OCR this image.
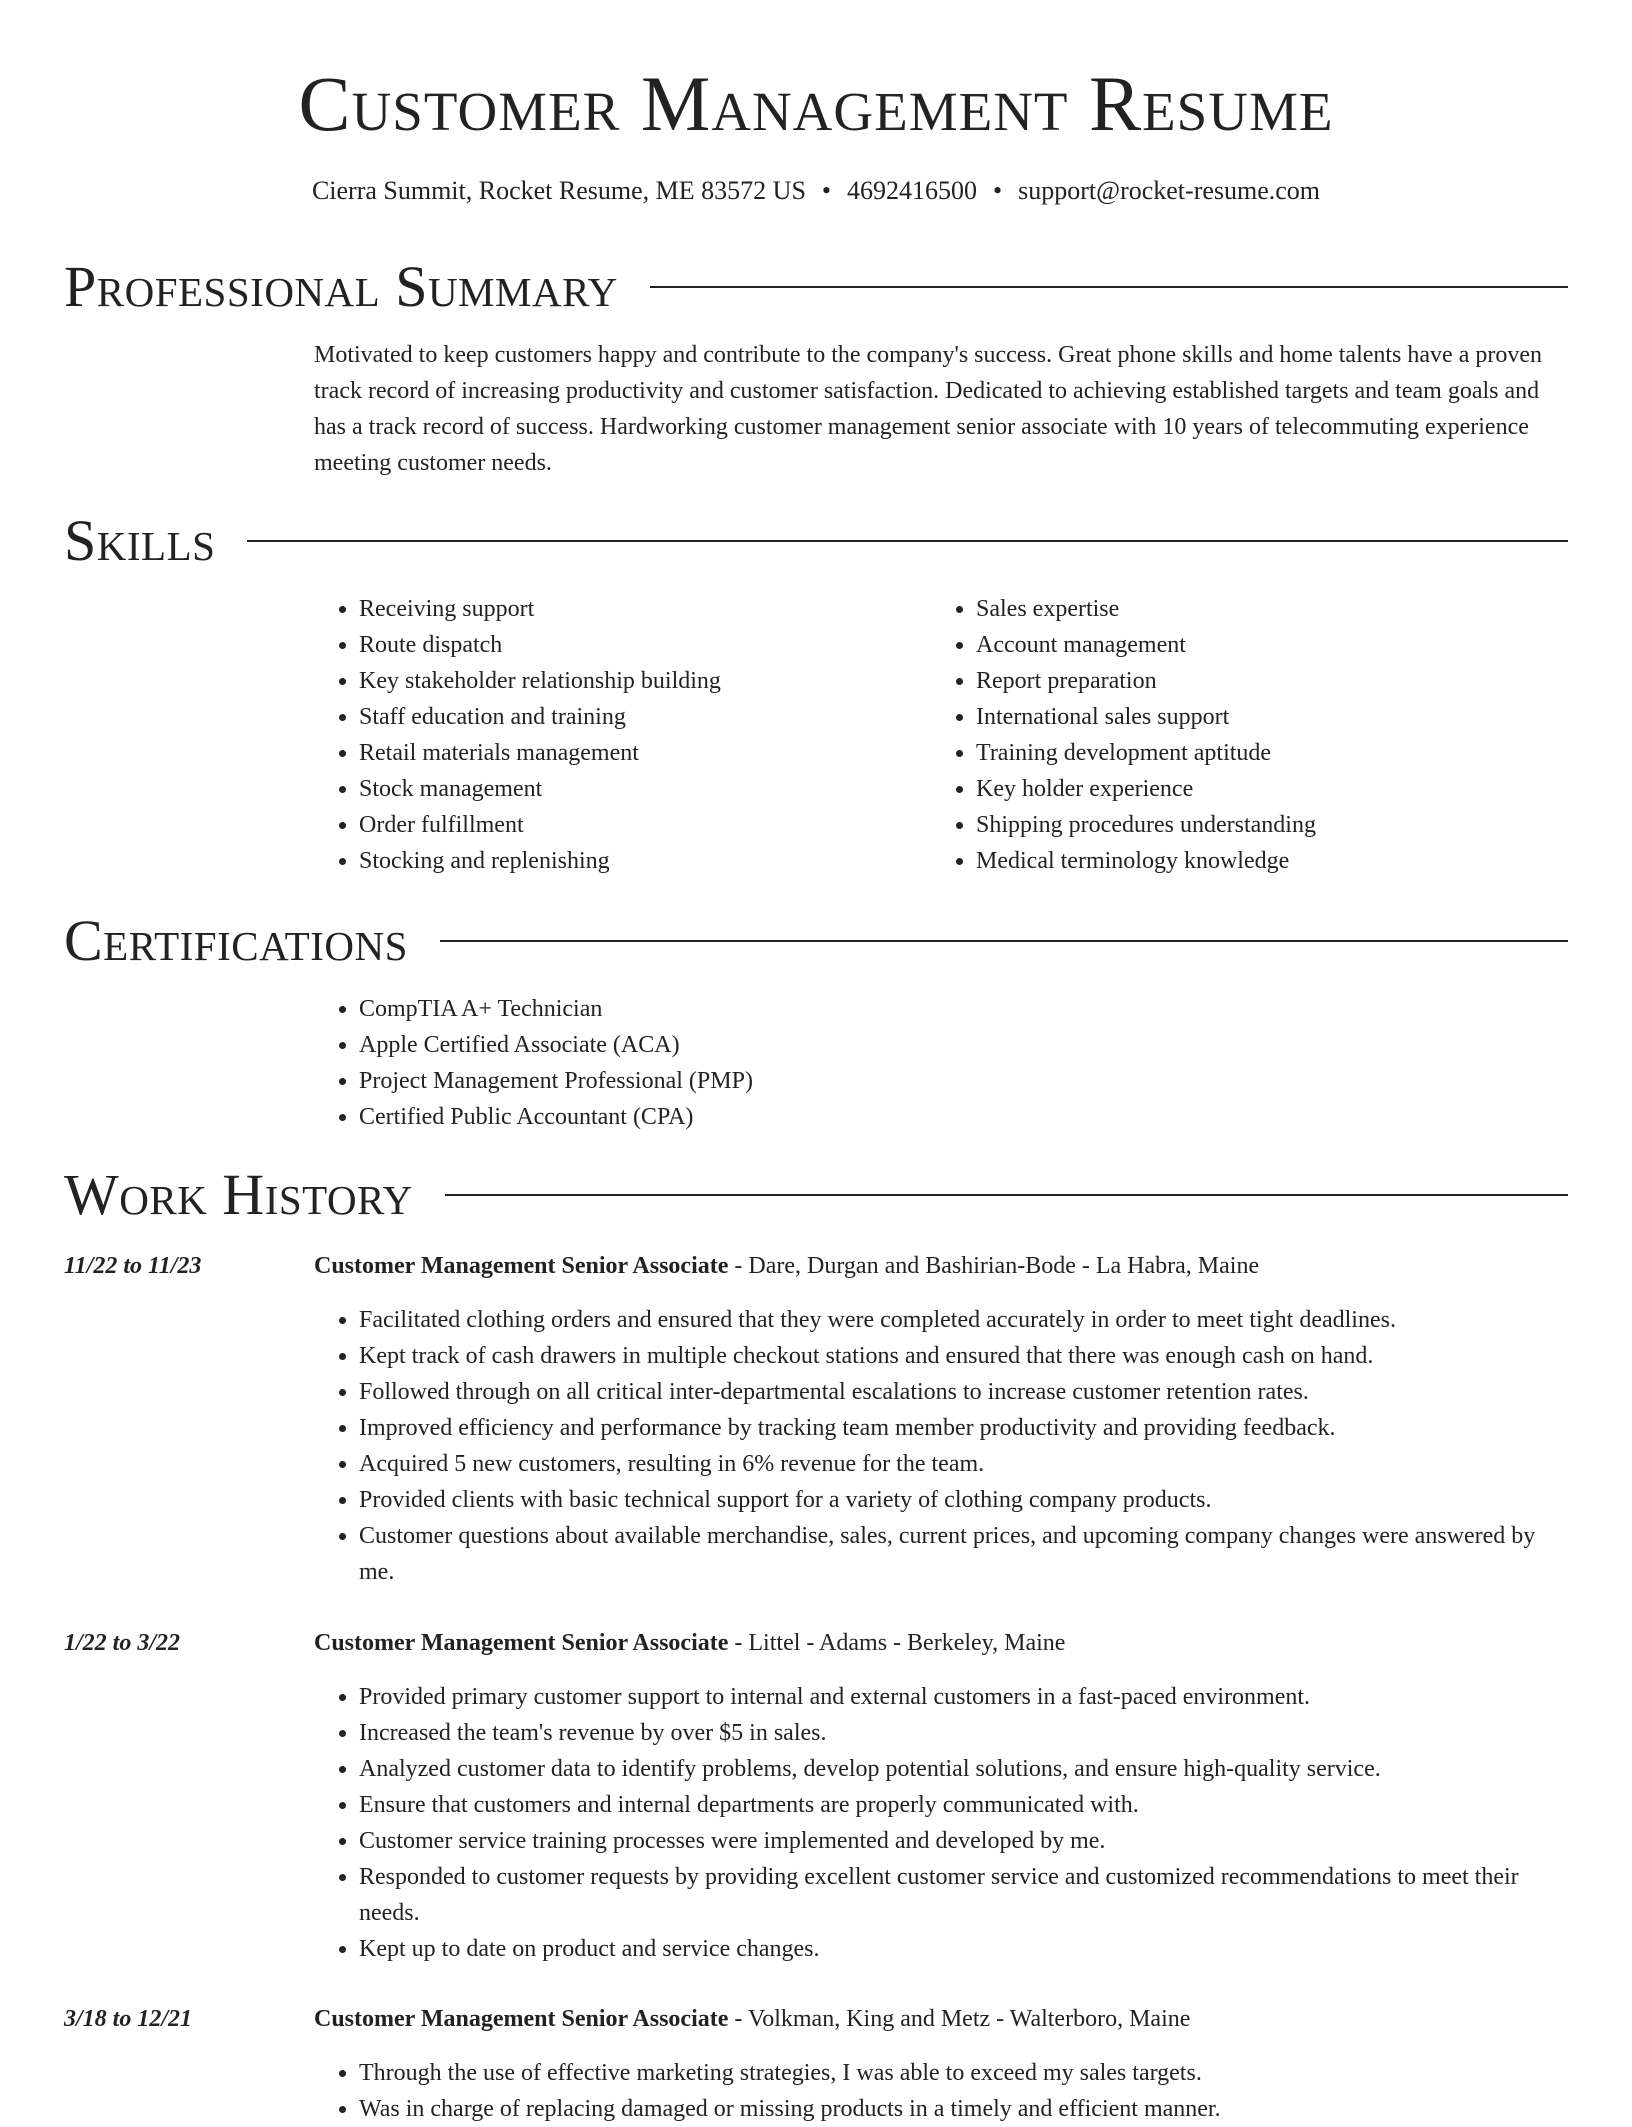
Customer Management Resume
Cierra Summit, Rocket Resume, ME 83572 US • 4692416500 • support@rocket-resume.com
Professional Summary

Motivated to keep customers happy and contribute to the company's success. Great phone skills and home talents have a proven track record of increasing productivity and customer satisfaction. Dedicated to achieving established targets and team goals and has a track record of success. Hardworking customer management senior associate with 10 years of telecommuting experience meeting customer needs.

Skills
• Receiving support
• Route dispatch
• Key stakeholder relationship building
• Staff education and training
• Retail materials management
• Stock management
• Order fulfillment
• Stocking and replenishing
• Sales expertise
• Account management
• Report preparation
• International sales support
• Training development aptitude
• Key holder experience
• Shipping procedures understanding
• Medical terminology knowledge
Certifications
• CompTIA A+ Technician
• Apple Certified Associate (ACA)
• Project Management Professional (PMP)
• Certified Public Accountant (CPA)
Work History
11/22 to 11/23	Customer Management Senior Associate - Dare, Durgan and Bashirian-Bode - La Habra, Maine
• Facilitated clothing orders and ensured that they were completed accurately in order to meet tight deadlines.
• Kept track of cash drawers in multiple checkout stations and ensured that there was enough cash on hand.
• Followed through on all critical inter-departmental escalations to increase customer retention rates.
• Improved efficiency and performance by tracking team member productivity and providing feedback.
• Acquired 5 new customers, resulting in 6% revenue for the team.
• Provided clients with basic technical support for a variety of clothing company products.
• Customer questions about available merchandise, sales, current prices, and upcoming company changes were answered by me.
1/22 to 3/22	Customer Management Senior Associate - Littel - Adams - Berkeley, Maine
• Provided primary customer support to internal and external customers in a fast-paced environment.
• Increased the team's revenue by over $5 in sales.
• Analyzed customer data to identify problems, develop potential solutions, and ensure high-quality service.
• Ensure that customers and internal departments are properly communicated with.
• Customer service training processes were implemented and developed by me.
• Responded to customer requests by providing excellent customer service and customized recommendations to meet their needs.
• Kept up to date on product and service changes.
3/18 to 12/21	Customer Management Senior Associate - Volkman, King and Metz - Walterboro, Maine
• Through the use of effective marketing strategies, I was able to exceed my sales targets.
• Was in charge of replacing damaged or missing products in a timely and efficient manner.
